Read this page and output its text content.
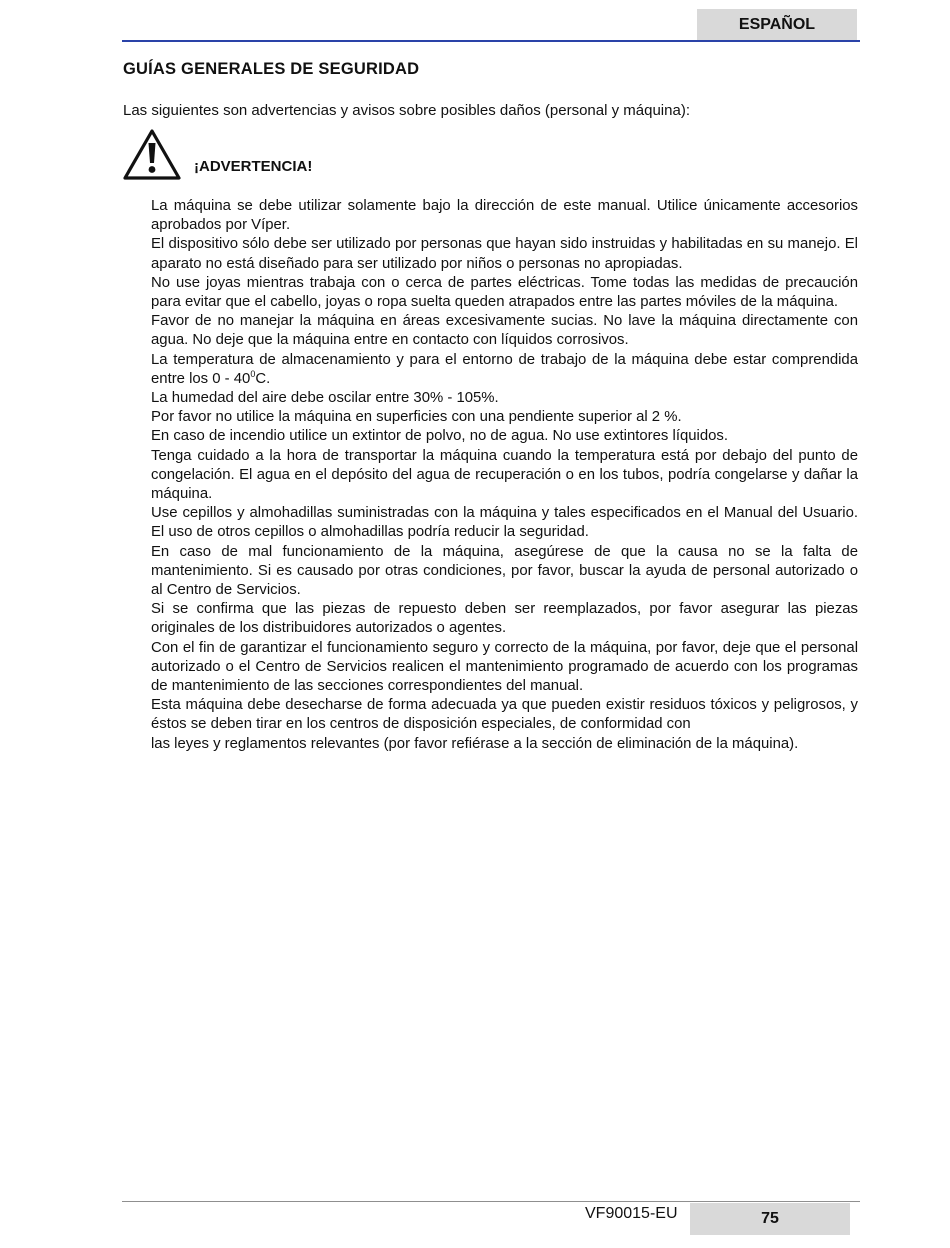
ESPAÑOL
GUÍAS GENERALES DE SEGURIDAD

Las siguientes son advertencias y avisos sobre posibles daños (personal y máquina):

¡ADVERTENCIA!
La máquina se debe utilizar solamente bajo la dirección de este manual. Utilice únicamente accesorios aprobados por Víper.
El dispositivo sólo debe ser utilizado por personas que hayan sido instruidas y habilitadas en su manejo. El aparato no está diseñado para ser utilizado por niños o personas no apropiadas.
No use joyas mientras trabaja con o cerca de partes eléctricas. Tome todas las medidas de precaución para evitar que el cabello, joyas o ropa suelta queden atrapados entre las partes móviles de la máquina.
Favor de no manejar la máquina en áreas excesivamente sucias. No lave la máquina directamente con agua. No deje que la máquina entre en contacto con líquidos corrosivos.
La temperatura de almacenamiento y para el entorno de trabajo de la máquina debe estar comprendida entre los $0 - 40^0C$.
La humedad del aire debe oscilar entre 30% - 105%.
Por favor no utilice la máquina en superficies con una pendiente superior al 2 %.
En caso de incendio utilice un extintor de polvo, no de agua. No use extintores líquidos.
Tenga cuidado a la hora de transportar la máquina cuando la temperatura está por debajo del punto de congelación. El agua en el depósito del agua de recuperación o en los tubos, podría congelarse y dañar la máquina.
Use cepillos y almohadillas suministradas con la máquina y tales especificados en el Manual del Usuario. El uso de otros cepillos o almohadillas podría reducir la seguridad.
En caso de mal funcionamiento de la máquina, asegúrese de que la causa no se la falta de mantenimiento. Si es causado por otras condiciones, por favor, buscar la ayuda de personal autorizado o al Centro de Servicios.
Si se confirma que las piezas de repuesto deben ser reemplazados, por favor asegurar las piezas originales de los distribuidores autorizados o agentes.
Con el fin de garantizar el funcionamiento seguro y correcto de la máquina, por favor, deje que el personal autorizado o el Centro de Servicios realicen el mantenimiento programado de acuerdo con los programas de mantenimiento de las secciones correspondientes del manual.
Esta máquina debe desecharse de forma adecuada ya que pueden existir residuos tóxicos y peligrosos, y éstos se deben tirar en los centros de disposición especiales, de conformidad con
las leyes y reglamentos relevantes (por favor refiérase a la sección de eliminación de la máquina).
VF90015-EU	75
